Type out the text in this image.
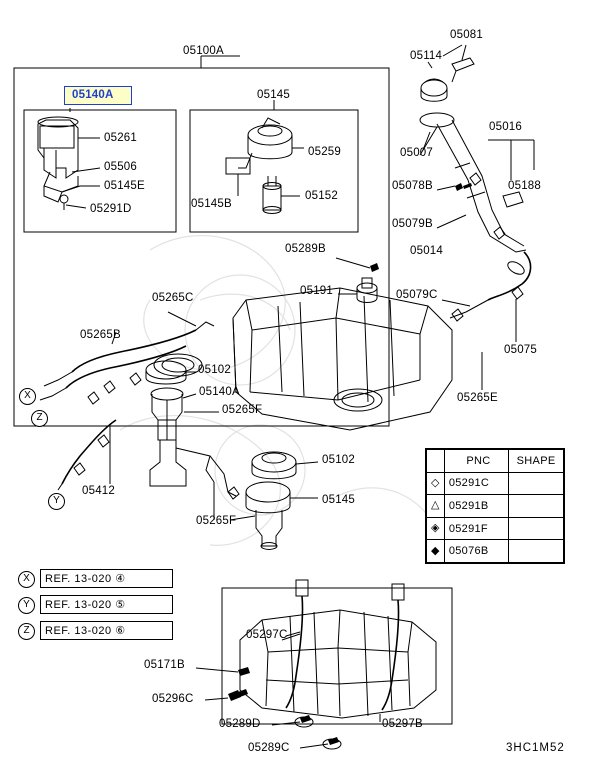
05140A
05100A
05145
05261
05506
05145E
05291D
05259
05145B
05152
05081
05114
05016
05007
05078B	05188
05079B
05014
05079C
05075
05265E
05289B
05191
05265C
05265B
05102
05140A
05265F
05102
05145
05265F
05412
05297C
05171B
05296C
05289D	05297B
05289C
X
Z
Y
X	REF. 13-020 ④
Y	REF. 13-020 ⑤
Z	REF. 13-020 ⑥
	PNC	SHAPE
◇	05291C	
△	05291B	
◈	05291F	
◆	05076B	
3HC1M52
